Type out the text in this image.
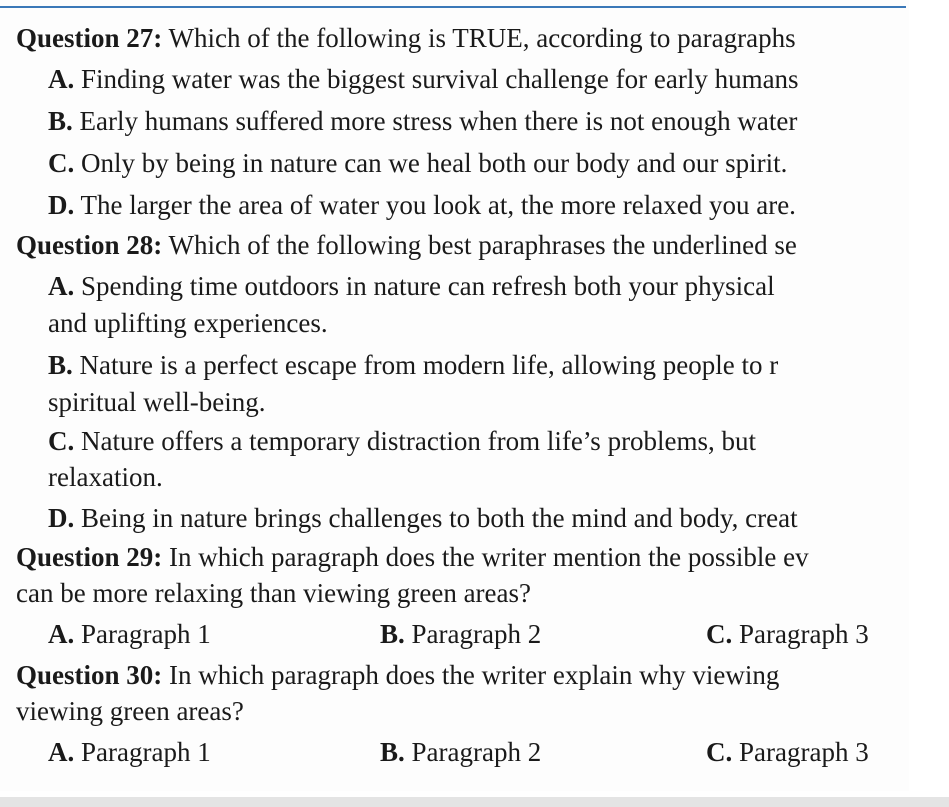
Question 27: Which of the following is TRUE, according to paragraphs
A. Finding water was the biggest survival challenge for early humans
B. Early humans suffered more stress when there is not enough water
C. Only by being in nature can we heal both our body and our spirit.
D. The larger the area of water you look at, the more relaxed you are.
Question 28: Which of the following best paraphrases the underlined se
A. Spending time outdoors in nature can refresh both your physical
and uplifting experiences.
B. Nature is a perfect escape from modern life, allowing people to r
spiritual well-being.
C. Nature offers a temporary distraction from life’s problems, but
relaxation.
D. Being in nature brings challenges to both the mind and body, creat
Question 29: In which paragraph does the writer mention the possible ev
can be more relaxing than viewing green areas?
A. Paragraph 1	B. Paragraph 2	C. Paragraph 3
Question 30: In which paragraph does the writer explain why viewing
viewing green areas?
A. Paragraph 1	B. Paragraph 2	C. Paragraph 3
